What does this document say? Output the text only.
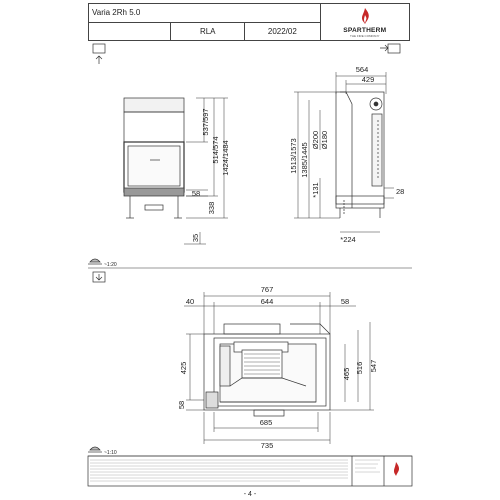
Varia 2Rh 5.0			SPARTHERM
THE FIRE COMPANY

	RLA	2022/02	
537/597
514/574 1424/1484
58
338
35
564
429
1513/1573 1385/1445
Ø200 Ø180
*131	28
*224
~1:20
767
40	644	58
425	465 516 547
58
685
735
~1:10
- 4 -
